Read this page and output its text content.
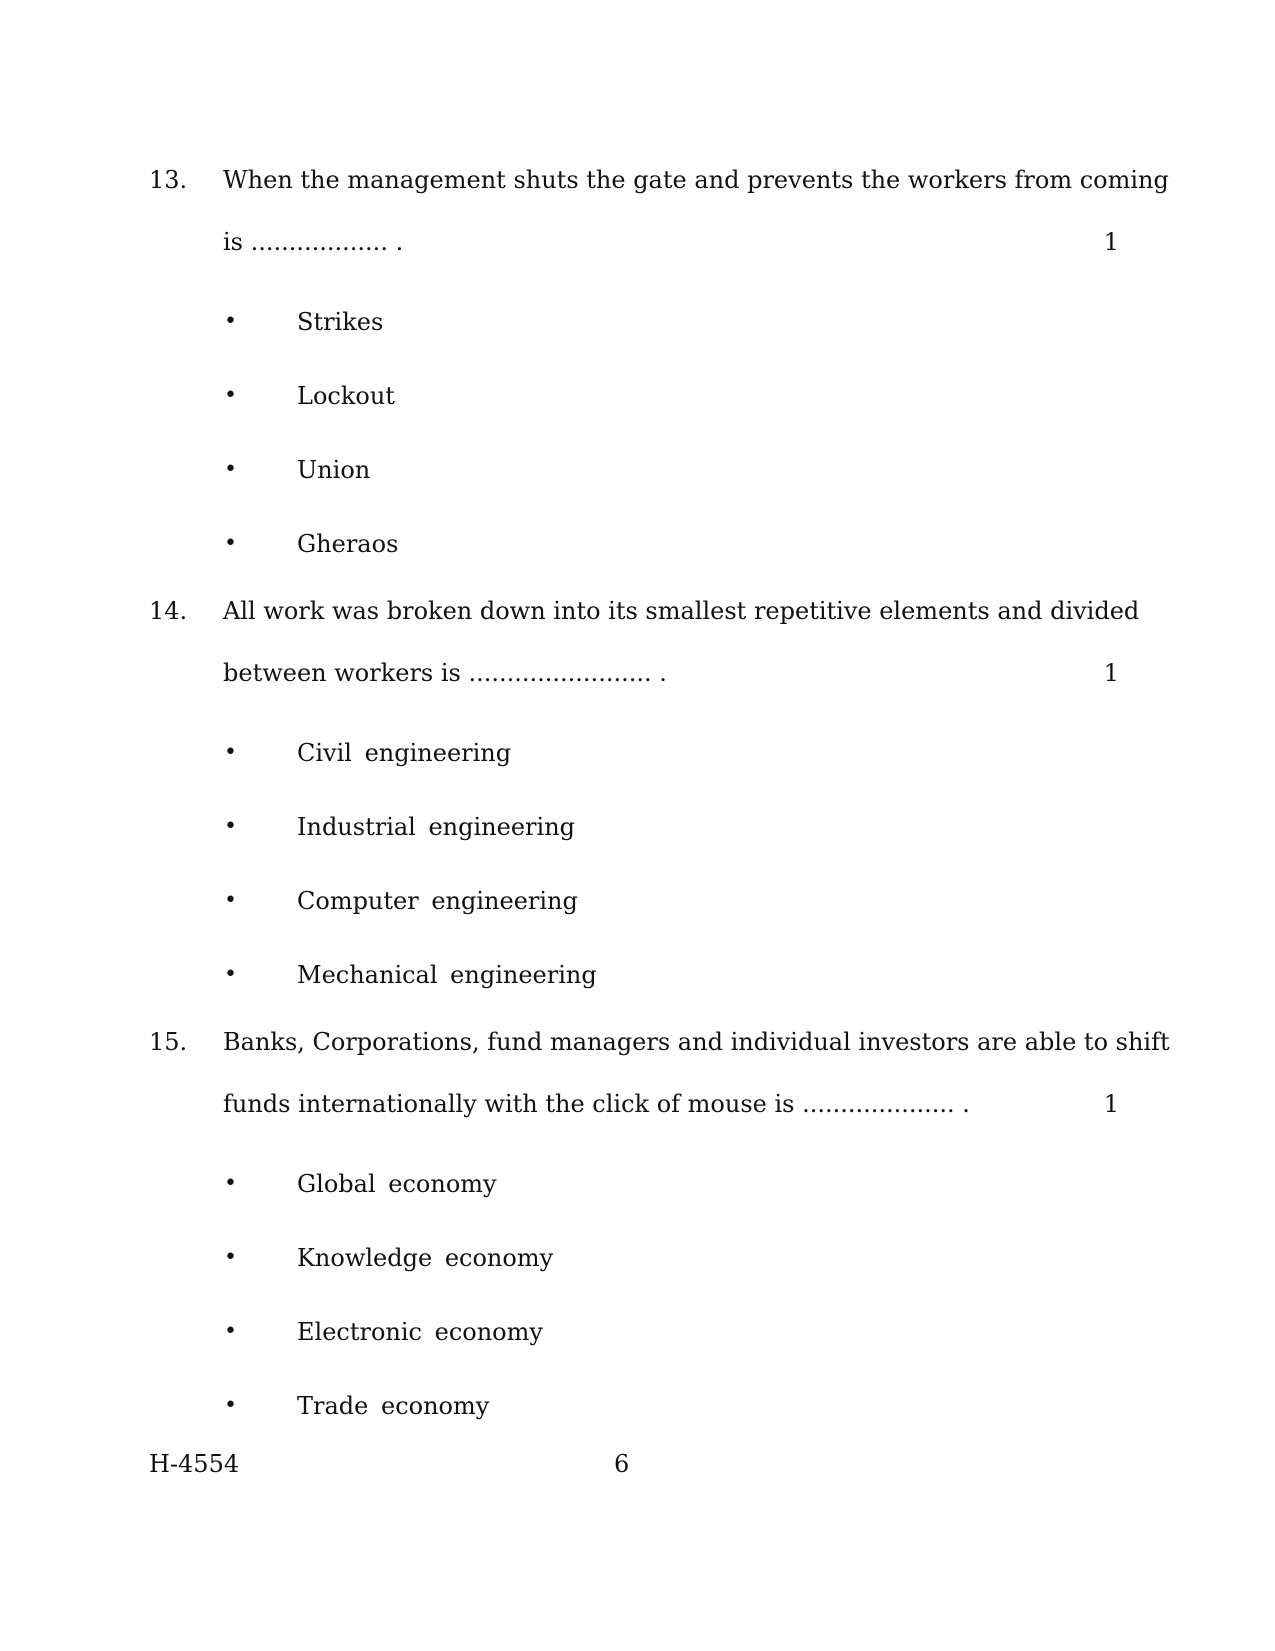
13. When the management shuts the gate and prevents the workers from coming
is .................. .	1
•	Strikes
•	Lockout
•	Union
•	Gheraos
14. All work was broken down into its smallest repetitive elements and divided
between workers is ........................ .	1
•	Civil engineering
•	Industrial engineering
•	Computer engineering
•	Mechanical engineering
15. Banks, Corporations, fund managers and individual investors are able to shift
funds internationally with the click of mouse is .................... .	1
•	Global economy
•	Knowledge economy
•	Electronic economy
•	Trade economy
H-4554	6
